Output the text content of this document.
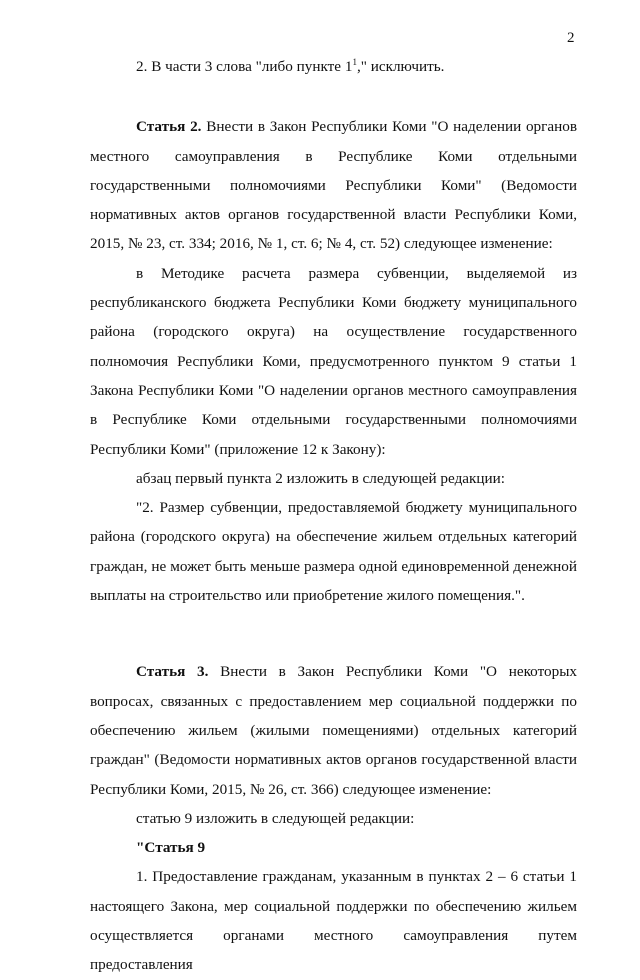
2

2. В части 3 слова "либо пункте $1^1$," исключить.

Статья 2. Внести в Закон Республики Коми "О наделении органов местного самоуправления в Республике Коми отдельными государственными полномочиями Республики Коми" (Ведомости нормативных актов органов государственной власти Республики Коми, 2015, № 23, ст. 334; 2016, № 1, ст. 6; № 4, ст. 52) следующее изменение:

в Методике расчета размера субвенции, выделяемой из республиканского бюджета Республики Коми бюджету муниципального района (городского округа) на осуществление государственного полномочия Республики Коми, предусмотренного пунктом 9 статьи 1 Закона Республики Коми "О наделении органов местного самоуправления в Республике Коми отдельными государственными полномочиями Республики Коми" (приложение 12 к Закону):

абзац первый пункта 2 изложить в следующей редакции:

"2. Размер субвенции, предоставляемой бюджету муниципального района (городского округа) на обеспечение жильем отдельных категорий граждан, не может быть меньше размера одной единовременной денежной выплаты на строительство или приобретение жилого помещения.".

Статья 3. Внести в Закон Республики Коми "О некоторых вопросах, связанных с предоставлением мер социальной поддержки по обеспечению жильем (жилыми помещениями) отдельных категорий граждан" (Ведомости нормативных актов органов государственной власти Республики Коми, 2015, № 26, ст. 366) следующее изменение:

статью 9 изложить в следующей редакции:

"Статья 9

1. Предоставление гражданам, указанным в пунктах 2 – 6 статьи 1 настоящего Закона, мер социальной поддержки по обеспечению жильем осуществляется органами местного самоуправления путем предоставления
